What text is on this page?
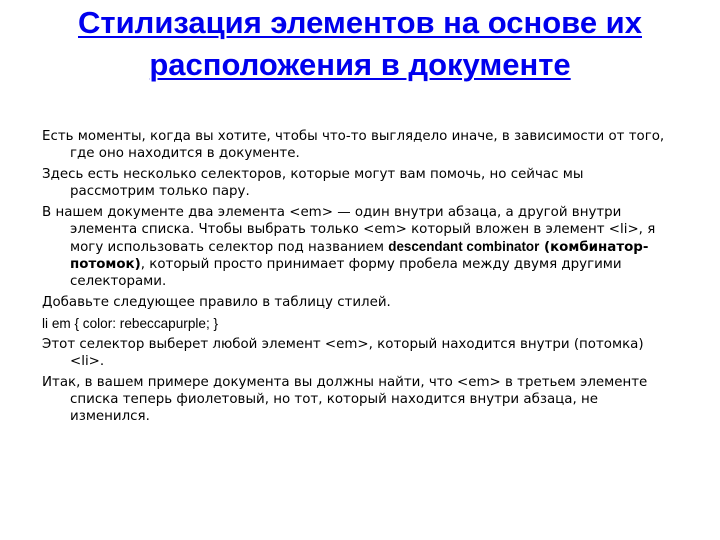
Стилизация элементов на основе их расположения в документе

Есть моменты, когда вы хотите, чтобы что-то выглядело иначе, в зависимости от того, где оно находится в документе.

Здесь есть несколько селекторов, которые могут вам помочь, но сейчас мы рассмотрим только пару.

В нашем документе два элемента <em> — один внутри абзаца, а другой внутри элемента списка. Чтобы выбрать только <em> который вложен в элемент <li>, я могу использовать селектор под названием descendant combinator (комбинатор-потомок), который просто принимает форму пробела между двумя другими селекторами.

Добавьте следующее правило в таблицу стилей.

li em { color: rebeccapurple; }

Этот селектор выберет любой элемент <em>, который находится внутри (потомка) <li>.

Итак, в вашем примере документа вы должны найти, что <em> в третьем элементе списка теперь фиолетовый, но тот, который находится внутри абзаца, не изменился.
